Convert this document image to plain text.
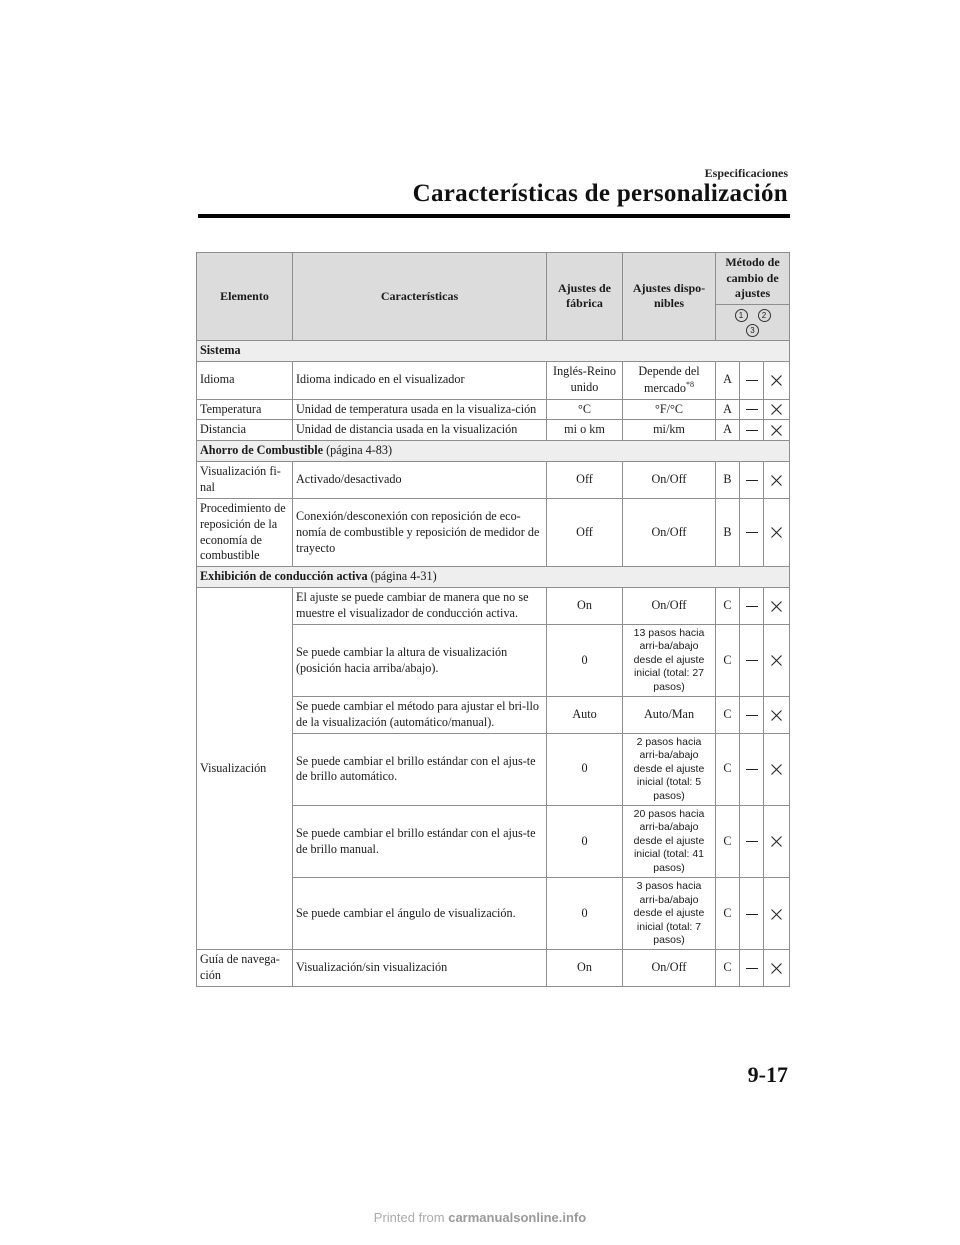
Especificaciones
Características de personalización
Elemento	Características	Ajustes de fábrica	Ajustes dispo-nibles	Método de cambio de ajustes		
				1 23		
Sistema						
Idioma	Idioma indicado en el visualizador	Inglés-Reino unido	Depende del mercado$^{*8}$	A		
Temperatura	Unidad de temperatura usada en la visualiza-ción	°C	°F/°C	A		
Distancia	Unidad de distancia usada en la visualización	mi o km	mi/km	A		
Ahorro de Combustible (página 4-83)						
Visualización fi-nal	Activado/desactivado	Off	On/Off	B		
Procedimiento de reposición de la economía de combustible	Conexión/desconexión con reposición de eco-nomía de combustible y reposición de medidor de trayecto	Off	On/Off	B		
Exhibición de conducción activa (página 4-31)						
Visualización	El ajuste se puede cambiar de manera que no se muestre el visualizador de conducción activa.	On	On/Off	C		
	Se puede cambiar la altura de visualización (posición hacia arriba/abajo).	0	13 pasos hacia arri-ba/abajo desde el ajuste inicial (total: 27 pasos)	C		
	Se puede cambiar el método para ajustar el bri-llo de la visualización (automático/manual).	Auto	Auto/Man	C		
	Se puede cambiar el brillo estándar con el ajus-te de brillo automático.	0	2 pasos hacia arri-ba/abajo desde el ajuste inicial (total: 5 pasos)	C		
	Se puede cambiar el brillo estándar con el ajus-te de brillo manual.	0	20 pasos hacia arri-ba/abajo desde el ajuste inicial (total: 41 pasos)	C		
	Se puede cambiar el ángulo de visualización.	0	3 pasos hacia arri-ba/abajo desde el ajuste inicial (total: 7 pasos)	C		
Guía de navega-ción	Visualización/sin visualización	On	On/Off	C		
9-17
Printed from carmanualsonline.info
